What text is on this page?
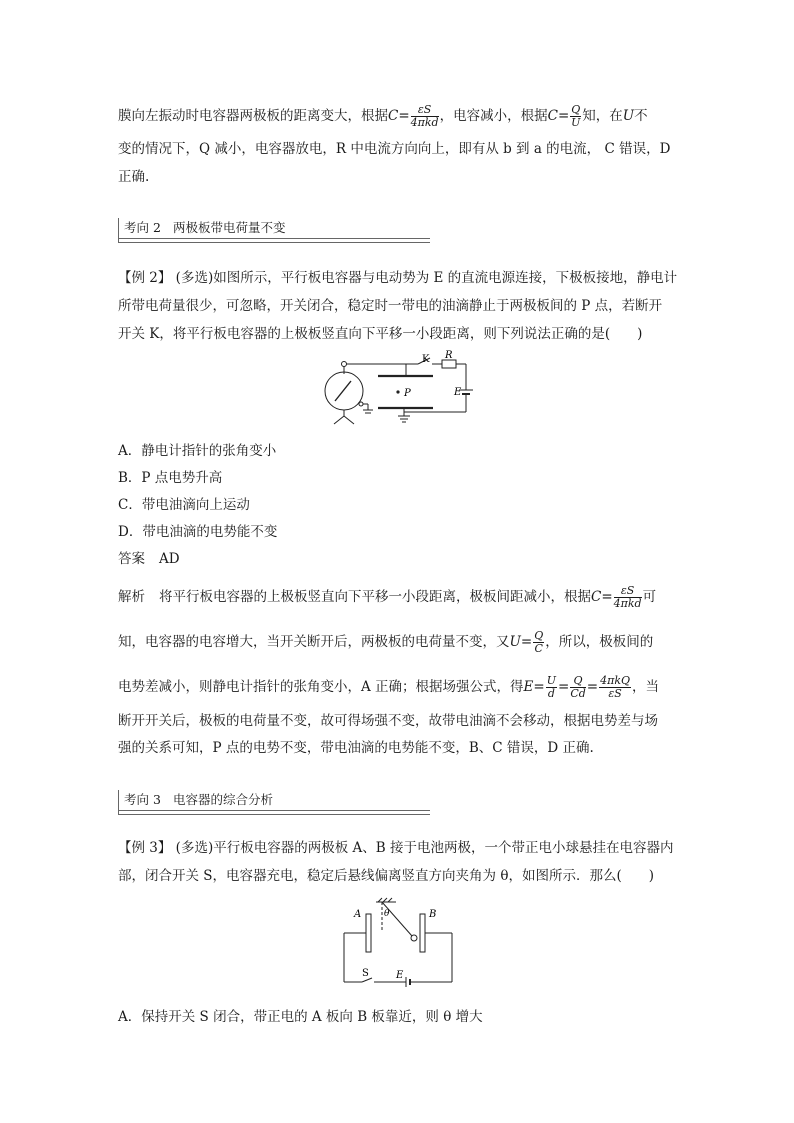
膜向左振动时电容器两极板的距离变大，根据$C= \frac{\varepsilon S}{\text{4πkd}}$ ，电容减小，根据$C= \frac{Q}{U}$ 知，在U不
变的情况下，Q 减小，电容器放电，R 中电流方向向上，即有从 b 到 a 的电流， C 错误，D
正确.
考向 2 两极板带电荷量不变
【例 2】 (多选)如图所示，平行板电容器与电动势为 E 的直流电源连接，下极板接地，静电计
所带电荷量很少，可忽略，开关闭合，稳定时一带电的油滴静止于两极板间的 P 点，若断开
开关 K，将平行板电容器的上极板竖直向下平移一小段距离，则下列说法正确的是(　　)
K R
E
P
A．静电计指针的张角变小
B．P 点电势升高
C．带电油滴向上运动
D．带电油滴的电势能不变
答案 AD
解析 将平行板电容器的上极板竖直向下平移一小段距离，极板间距减小，根据$C= \frac{\varepsilon S}{\text{4πkd}}$ 可
知，电容器的电容增大，当开关断开后，两极板的电荷量不变，又$U= \frac{Q}{C}$ ，所以，极板间的
电势差减小，则静电计指针的张角变小，A 正确；根据场强公式，得$E= \frac{U}{d} = \frac{Q}{Cd} = \frac{\text{4πkQ}}{\varepsilon S}$ ，当
断开开关后，极板的电荷量不变，故可得场强不变，故带电油滴不会移动，根据电势差与场
强的关系可知，P 点的电势不变，带电油滴的电势能不变，B、C 错误，D 正确.
考向 3 电容器的综合分析
【例 3】 (多选)平行板电容器的两极板 A、B 接于电池两极，一个带正电小球悬挂在电容器内
部，闭合开关 S，电容器充电，稳定后悬线偏离竖直方向夹角为 θ，如图所示．那么(　　)
A	B
θ
S	E
A．保持开关 S 闭合，带正电的 A 板向 B 板靠近，则 θ 增大
